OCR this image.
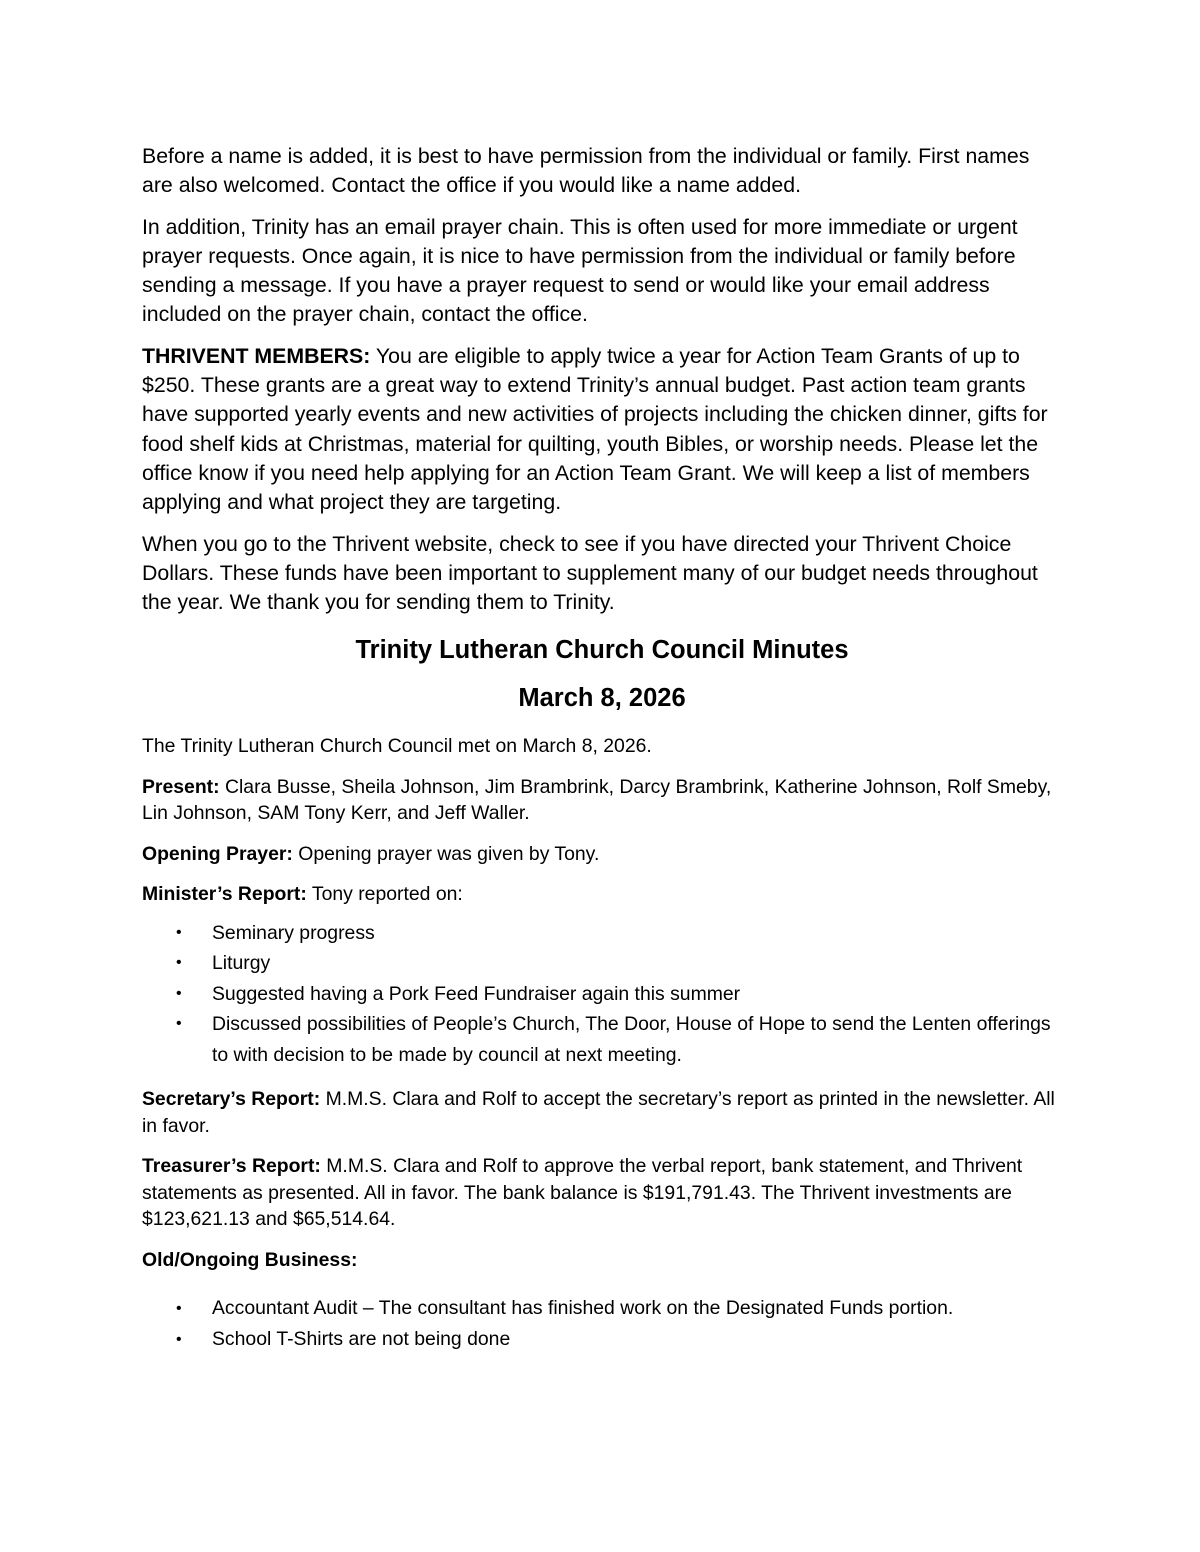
Before a name is added, it is best to have permission from the individual or family. First names are also welcomed. Contact the office if you would like a name added.

In addition, Trinity has an email prayer chain. This is often used for more immediate or urgent prayer requests. Once again, it is nice to have permission from the individual or family before sending a message. If you have a prayer request to send or would like your email address included on the prayer chain, contact the office.

THRIVENT MEMBERS: You are eligible to apply twice a year for Action Team Grants of up to $250. These grants are a great way to extend Trinity’s annual budget. Past action team grants have supported yearly events and new activities of projects including the chicken dinner, gifts for food shelf kids at Christmas, material for quilting, youth Bibles, or worship needs. Please let the office know if you need help applying for an Action Team Grant. We will keep a list of members applying and what project they are targeting.

When you go to the Thrivent website, check to see if you have directed your Thrivent Choice Dollars. These funds have been important to supplement many of our budget needs throughout the year. We thank you for sending them to Trinity.

Trinity Lutheran Church Council Minutes
March 8, 2026

The Trinity Lutheran Church Council met on March 8, 2026.

Present: Clara Busse, Sheila Johnson, Jim Brambrink, Darcy Brambrink, Katherine Johnson, Rolf Smeby, Lin Johnson, SAM Tony Kerr, and Jeff Waller.

Opening Prayer: Opening prayer was given by Tony.

Minister’s Report: Tony reported on:

• Seminary progress
• Liturgy
• Suggested having a Pork Feed Fundraiser again this summer
• Discussed possibilities of People’s Church, The Door, House of Hope to send the Lenten offerings to with decision to be made by council at next meeting.

Secretary’s Report: M.M.S. Clara and Rolf to accept the secretary’s report as printed in the newsletter. All in favor.

Treasurer’s Report: M.M.S. Clara and Rolf to approve the verbal report, bank statement, and Thrivent statements as presented. All in favor. The bank balance is $191,791.43. The Thrivent investments are $123,621.13 and $65,514.64.

Old/Ongoing Business:

• Accountant Audit – The consultant has finished work on the Designated Funds portion.
• School T-Shirts are not being done
